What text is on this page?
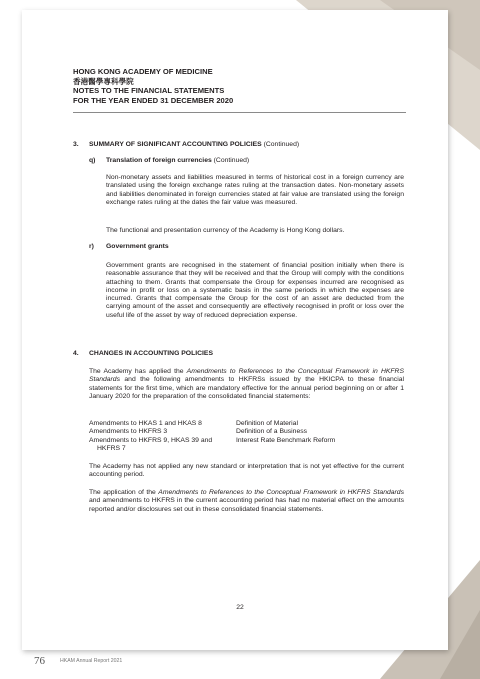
HONG KONG ACADEMY OF MEDICINE
香港醫學專科學院
NOTES TO THE FINANCIAL STATEMENTS
FOR THE YEAR ENDED 31 DECEMBER 2020
3. SUMMARY OF SIGNIFICANT ACCOUNTING POLICIES (Continued)
q) Translation of foreign currencies (Continued)
Non-monetary assets and liabilities measured in terms of historical cost in a foreign currency are translated using the foreign exchange rates ruling at the transaction dates. Non-monetary assets and liabilities denominated in foreign currencies stated at fair value are translated using the foreign exchange rates ruling at the dates the fair value was measured.
The functional and presentation currency of the Academy is Hong Kong dollars.
r) Government grants
Government grants are recognised in the statement of financial position initially when there is reasonable assurance that they will be received and that the Group will comply with the conditions attaching to them. Grants that compensate the Group for expenses incurred are recognised as income in profit or loss on a systematic basis in the same periods in which the expenses are incurred. Grants that compensate the Group for the cost of an asset are deducted from the carrying amount of the asset and consequently are effectively recognised in profit or loss over the useful life of the asset by way of reduced depreciation expense.
4. CHANGES IN ACCOUNTING POLICIES
The Academy has applied the Amendments to References to the Conceptual Framework in HKFRS Standards and the following amendments to HKFRSs issued by the HKICPA to these financial statements for the first time, which are mandatory effective for the annual period beginning on or after 1 January 2020 for the preparation of the consolidated financial statements:
Amendments to HKAS 1 and HKAS 8	Definition of Material
Amendments to HKFRS 3	Definition of a Business
Amendments to HKFRS 9, HKAS 39 and	Interest Rate Benchmark Reform
HKFRS 7
The Academy has not applied any new standard or interpretation that is not yet effective for the current accounting period.
The application of the Amendments to References to the Conceptual Framework in HKFRS Standards and amendments to HKFRS in the current accounting period has had no material effect on the amounts reported and/or disclosures set out in these consolidated financial statements.
22
76	HKAM Annual Report 2021
